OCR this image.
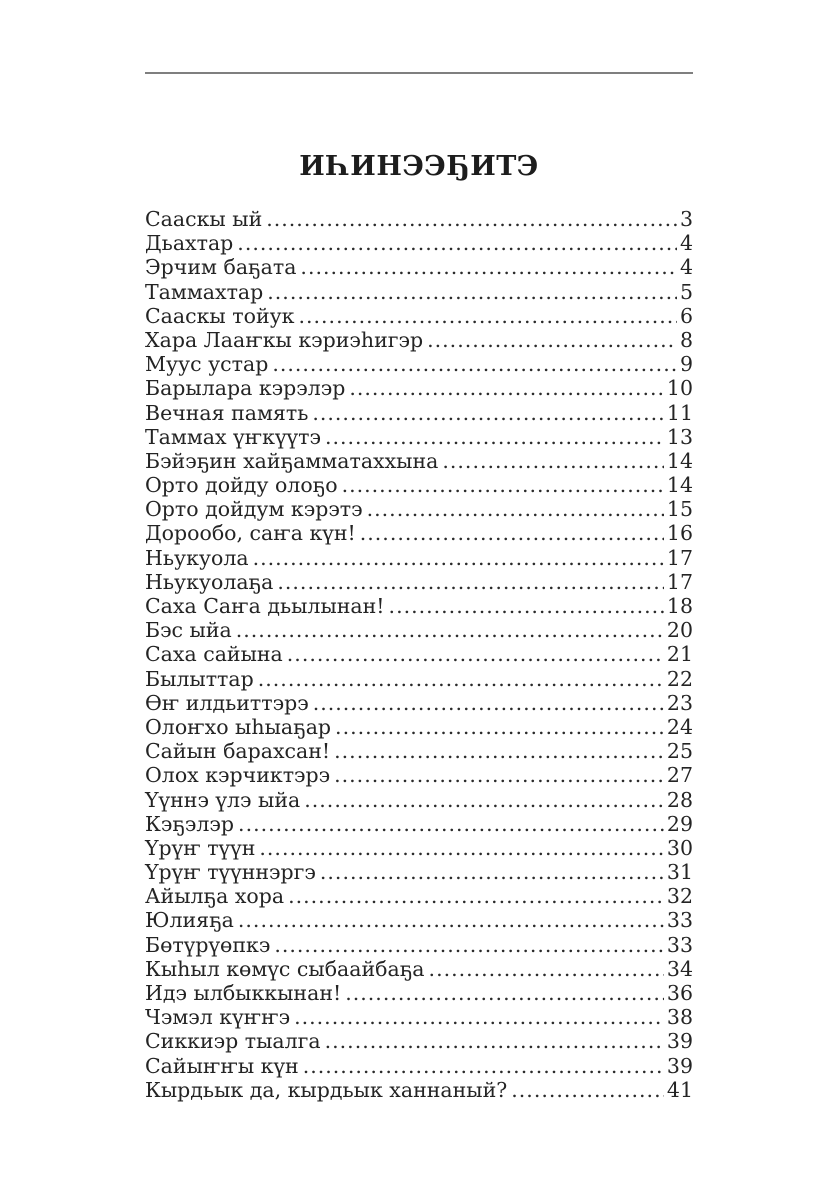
ИҺИНЭЭҔИТЭ
Сааскы ый .....	3
Дьахтар .....	4
Эрчим баҕата .....	4
Таммахтар .....	5
Сааскы тойук .....	6
Хара Лааҥкы кэриэһигэр .....	8
Муус устар .....	9
Барылара кэрэлэр .....	10
Вечная память .....	11
Таммах үҥкүүтэ .....	13
Бэйэҕин хайҕамматаххына .....	14
Орто дойду олоҕо .....	14
Орто дойдум кэрэтэ .....	15
Дорообо, саҥа күн! .....	16
Ньукуола .....	17
Ньукуолаҕа .....	17
Саха Саҥа дьылынан! .....	18
Бэс ыйа .....	20
Саха сайына .....	21
Былыттар .....	22
Өҥ илдьиттэрэ .....	23
Олоҥхо ыһыаҕар .....	24
Сайын барахсан! .....	25
Олох кэрчиктэрэ .....	27
Үүннэ үлэ ыйа .....	28
Кэҕэлэр .....	29
Үрүҥ түүн .....	30
Үрүҥ түүннэргэ .....	31
Айылҕа хора .....	32
Юлияҕа .....	33
Бөтүрүөпкэ .....	33
Кыһыл көмүс сыбаайбаҕа .....	34
Идэ ылбыккынан! .....	36
Чэмэл күҥҥэ .....	38
Сиккиэр тыалга .....	39
Сайыҥҥы күн .....	39
Кырдьык да, кырдьык ханнаный? .....	41
